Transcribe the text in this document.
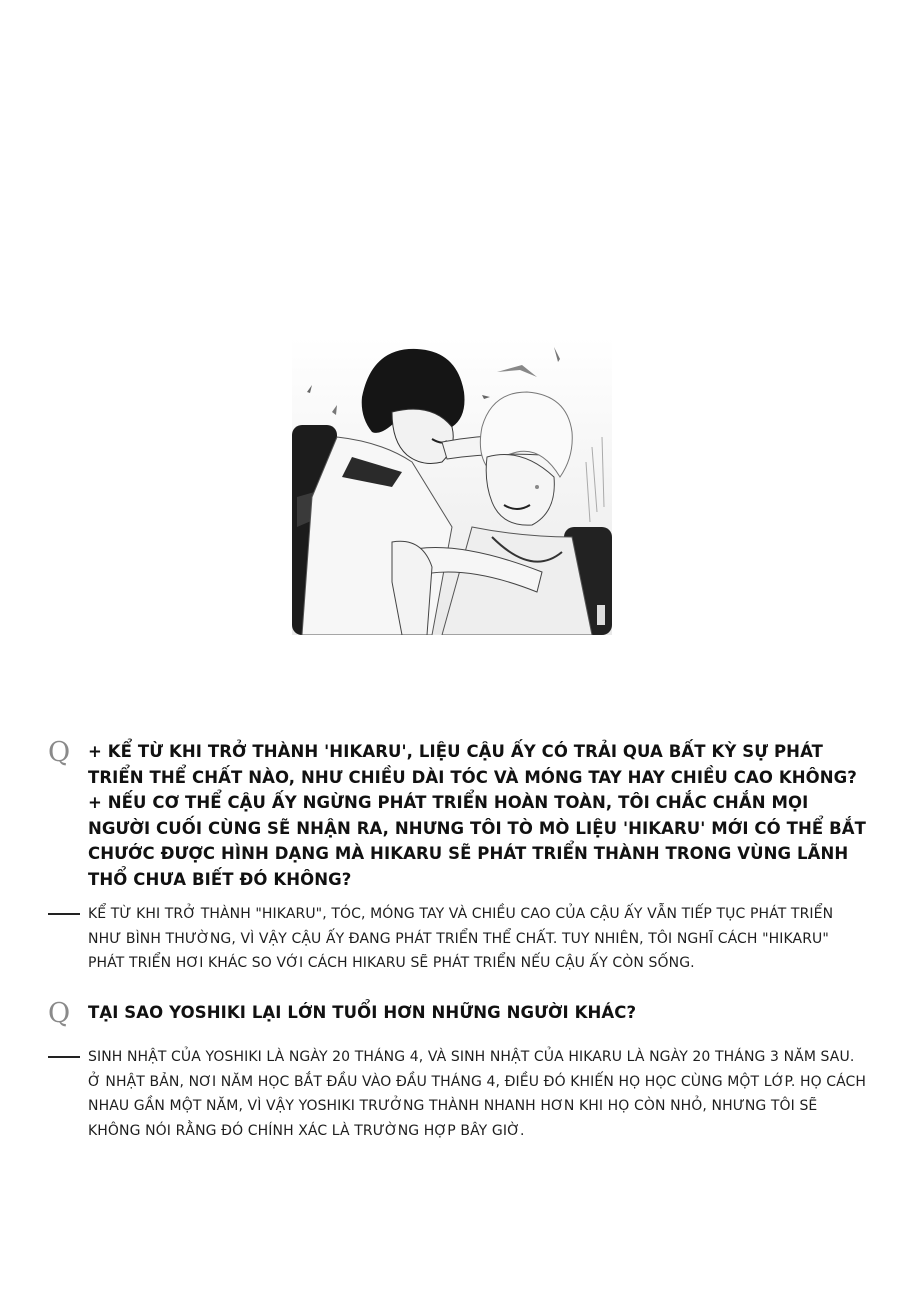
Q	+ KỂ TỪ KHI TRỞ THÀNH 'HIKARU', LIỆU CẬU ẤY CÓ TRẢI QUA BẤT KỲ SỰ PHÁT TRIỂN THỂ CHẤT NÀO, NHƯ CHIỀU DÀI TÓC VÀ MÓNG TAY HAY CHIỀU CAO KHÔNG?

+ NẾU CƠ THỂ CẬU ẤY NGỪNG PHÁT TRIỂN HOÀN TOÀN, TÔI CHẮC CHẮN MỌI NGƯỜI CUỐI CÙNG SẼ NHẬN RA, NHƯNG TÔI TÒ MÒ LIỆU 'HIKARU' MỚI CÓ THỂ BẮT CHƯỚC ĐƯỢC HÌNH DẠNG MÀ HIKARU SẼ PHÁT TRIỂN THÀNH TRONG VÙNG LÃNH THỔ CHƯA BIẾT ĐÓ KHÔNG?

KỂ TỪ KHI TRỞ THÀNH "HIKARU", TÓC, MÓNG TAY VÀ CHIỀU CAO CỦA CẬU ẤY VẪN TIẾP TỤC PHÁT TRIỂN NHƯ BÌNH THƯỜNG, VÌ VẬY CẬU ẤY ĐANG PHÁT TRIỂN THỂ CHẤT. TUY NHIÊN, TÔI NGHĨ CÁCH "HIKARU" PHÁT TRIỂN HƠI KHÁC SO VỚI CÁCH HIKARU SẼ PHÁT TRIỂN NẾU CẬU ẤY CÒN SỐNG.
Q	TẠI SAO YOSHIKI LẠI LỚN TUỔI HƠN NHỮNG NGƯỜI KHÁC?

SINH NHẬT CỦA YOSHIKI LÀ NGÀY 20 THÁNG 4, VÀ SINH NHẬT CỦA HIKARU LÀ NGÀY 20 THÁNG 3 NĂM SAU. Ở NHẬT BẢN, NƠI NĂM HỌC BẮT ĐẦU VÀO ĐẦU THÁNG 4, ĐIỀU ĐÓ KHIẾN HỌ HỌC CÙNG MỘT LỚP. HỌ CÁCH NHAU GẦN MỘT NĂM, VÌ VẬY YOSHIKI TRƯỞNG THÀNH NHANH HƠN KHI HỌ CÒN NHỎ, NHƯNG TÔI SẼ KHÔNG NÓI RẰNG ĐÓ CHÍNH XÁC LÀ TRƯỜNG HỢP BÂY GIỜ.
